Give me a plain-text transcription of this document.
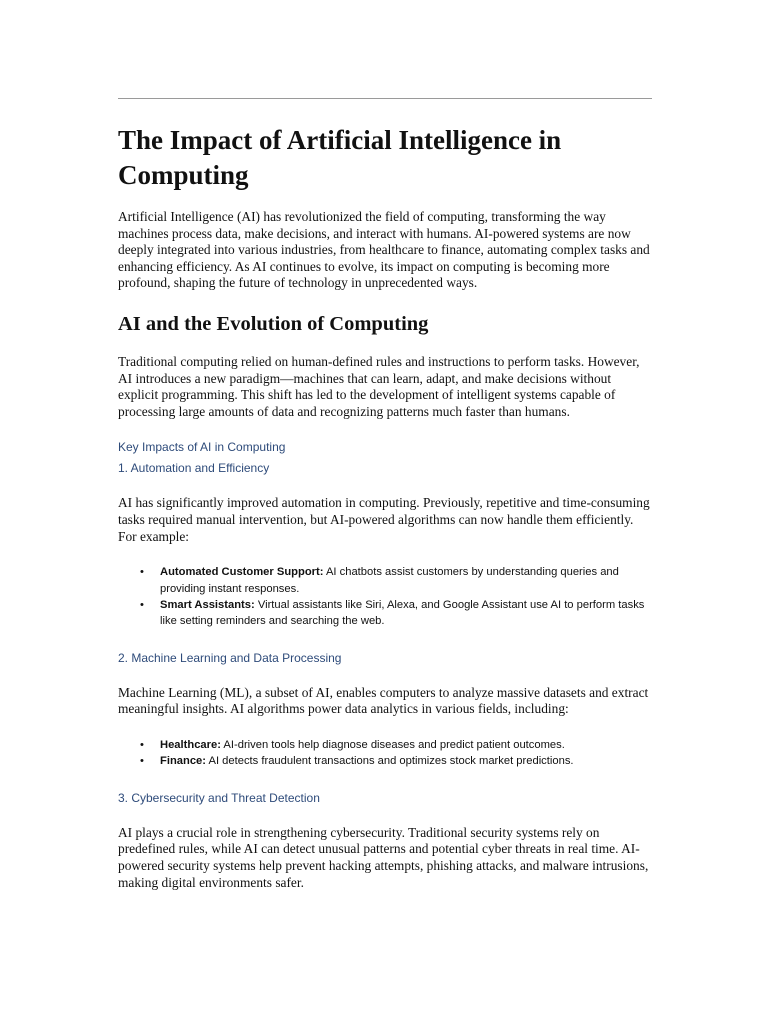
The Impact of Artificial Intelligence in Computing

Artificial Intelligence (AI) has revolutionized the field of computing, transforming the way machines process data, make decisions, and interact with humans. AI-powered systems are now deeply integrated into various industries, from healthcare to finance, automating complex tasks and enhancing efficiency. As AI continues to evolve, its impact on computing is becoming more profound, shaping the future of technology in unprecedented ways.

AI and the Evolution of Computing

Traditional computing relied on human-defined rules and instructions to perform tasks. However, AI introduces a new paradigm—machines that can learn, adapt, and make decisions without explicit programming. This shift has led to the development of intelligent systems capable of processing large amounts of data and recognizing patterns much faster than humans.

Key Impacts of AI in Computing
1. Automation and Efficiency

AI has significantly improved automation in computing. Previously, repetitive and time-consuming tasks required manual intervention, but AI-powered algorithms can now handle them efficiently. For example:

• Automated Customer Support: AI chatbots assist customers by understanding queries and providing instant responses.
• Smart Assistants: Virtual assistants like Siri, Alexa, and Google Assistant use AI to perform tasks like setting reminders and searching the web.
2. Machine Learning and Data Processing

Machine Learning (ML), a subset of AI, enables computers to analyze massive datasets and extract meaningful insights. AI algorithms power data analytics in various fields, including:

• Healthcare: AI-driven tools help diagnose diseases and predict patient outcomes.
• Finance: AI detects fraudulent transactions and optimizes stock market predictions.
3. Cybersecurity and Threat Detection

AI plays a crucial role in strengthening cybersecurity. Traditional security systems rely on predefined rules, while AI can detect unusual patterns and potential cyber threats in real time. AI-powered security systems help prevent hacking attempts, phishing attacks, and malware intrusions, making digital environments safer.
